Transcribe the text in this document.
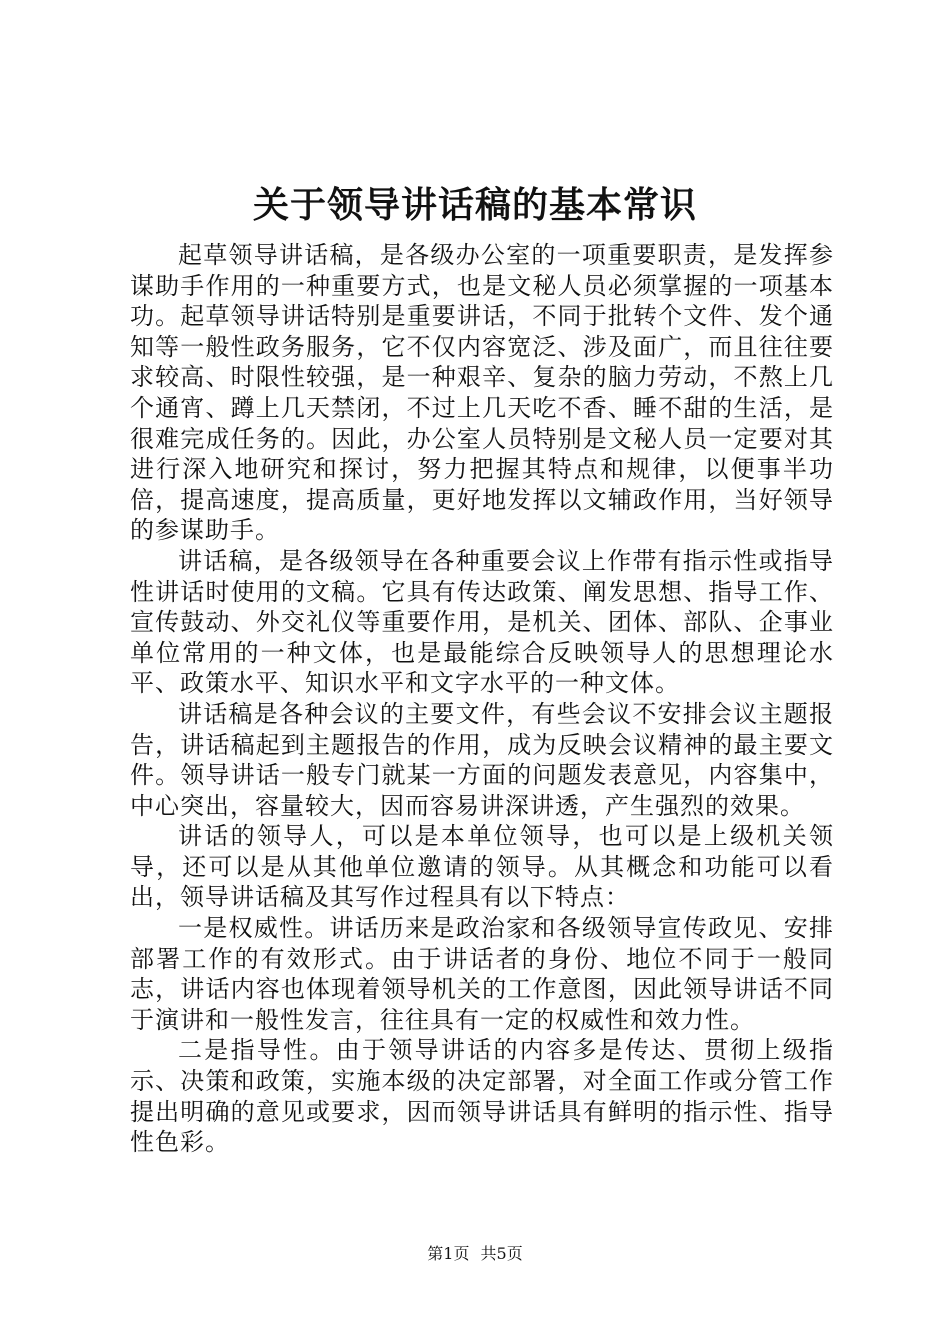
关于领导讲话稿的基本常识

起草领导讲话稿，是各级办公室的一项重要职责，是发挥参谋助手作用的一种重要方式，也是文秘人员必须掌握的一项基本功。起草领导讲话特别是重要讲话，不同于批转个文件、发个通知等一般性政务服务，它不仅内容宽泛、涉及面广，而且往往要求较高、时限性较强，是一种艰辛、复杂的脑力劳动，不熬上几个通宵、蹲上几天禁闭，不过上几天吃不香、睡不甜的生活，是很难完成任务的。因此，办公室人员特别是文秘人员一定要对其进行深入地研究和探讨，努力把握其特点和规律，以便事半功倍，提高速度，提高质量，更好地发挥以文辅政作用，当好领导的参谋助手。

讲话稿，是各级领导在各种重要会议上作带有指示性或指导性讲话时使用的文稿。它具有传达政策、阐发思想、指导工作、宣传鼓动、外交礼仪等重要作用，是机关、团体、部队、企事业单位常用的一种文体，也是最能综合反映领导人的思想理论水平、政策水平、知识水平和文字水平的一种文体。

讲话稿是各种会议的主要文件，有些会议不安排会议主题报告，讲话稿起到主题报告的作用，成为反映会议精神的最主要文件。领导讲话一般专门就某一方面的问题发表意见，内容集中，中心突出，容量较大，因而容易讲深讲透，产生强烈的效果。

讲话的领导人，可以是本单位领导，也可以是上级机关领导，还可以是从其他单位邀请的领导。从其概念和功能可以看出，领导讲话稿及其写作过程具有以下特点：

一是权威性。讲话历来是政治家和各级领导宣传政见、安排部署工作的有效形式。由于讲话者的身份、地位不同于一般同志，讲话内容也体现着领导机关的工作意图，因此领导讲话不同于演讲和一般性发言，往往具有一定的权威性和效力性。

二是指导性。由于领导讲话的内容多是传达、贯彻上级指示、决策和政策，实施本级的决定部署，对全面工作或分管工作提出明确的意见或要求，因而领导讲话具有鲜明的指示性、指导性色彩。

第1页 共5页
